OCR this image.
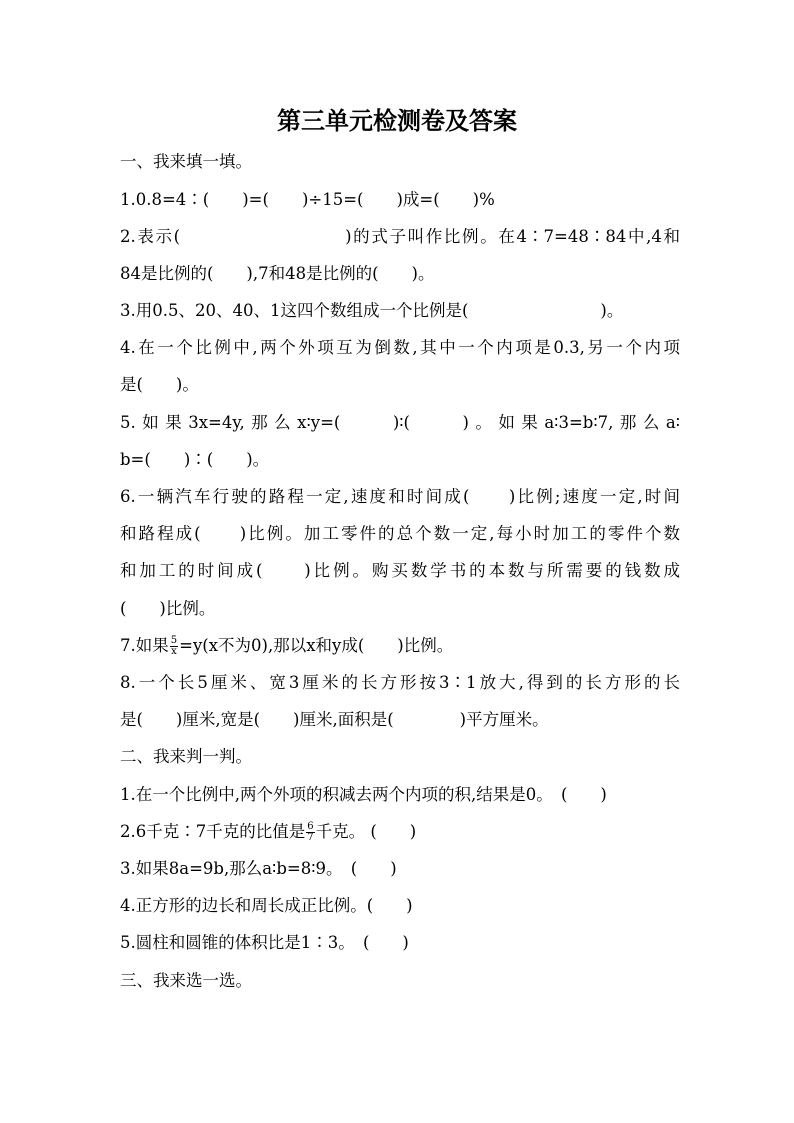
第三单元检测卷及答案
一、我来填一填。
1.0.8=4∶(　　)=(　　)÷15=(　　)成=(　　)%
2.表示(　　　　　　　　　)的式子叫作比例。在4∶7=48∶84中,4和
84是比例的(　　),7和48是比例的(　　)。
3.用0.5、20、40、1这四个数组成一个比例是(　　　　　　　　)。
4.在一个比例中,两个外项互为倒数,其中一个内项是0.3,另一个内项
是(　　)。
5.如果3x=4y,那么x∶y=(　　)∶(　　)。如果a∶3=b∶7,那么a∶
b=(　　)∶(　　)。
6.一辆汽车行驶的路程一定,速度和时间成(　　)比例;速度一定,时间
和路程成(　　)比例。加工零件的总个数一定,每小时加工的零件个数
和加工的时间成(　　)比例。购买数学书的本数与所需要的钱数成
(　　)比例。
7.如果 $\frac{5}{x} =y(x$不为0),那以x和y成(　　)比例。
8.一个长5厘米、宽3厘米的长方形按3∶1放大,得到的长方形的长
是(　　)厘米,宽是(　　)厘米,面积是(　　　　)平方厘米。
二、我来判一判。
1.在一个比例中,两个外项的积减去两个内项的积,结果是0。　(　　)
2.6千克∶7千克的比值是 $\frac{6}{7}$ 千克。 (　　)
3.如果8a=9b,那么a∶b=8∶9。　(　　)
4.正方形的边长和周长成正比例。(　　)
5.圆柱和圆锥的体积比是1∶3。　(　　)
三、我来选一选。
